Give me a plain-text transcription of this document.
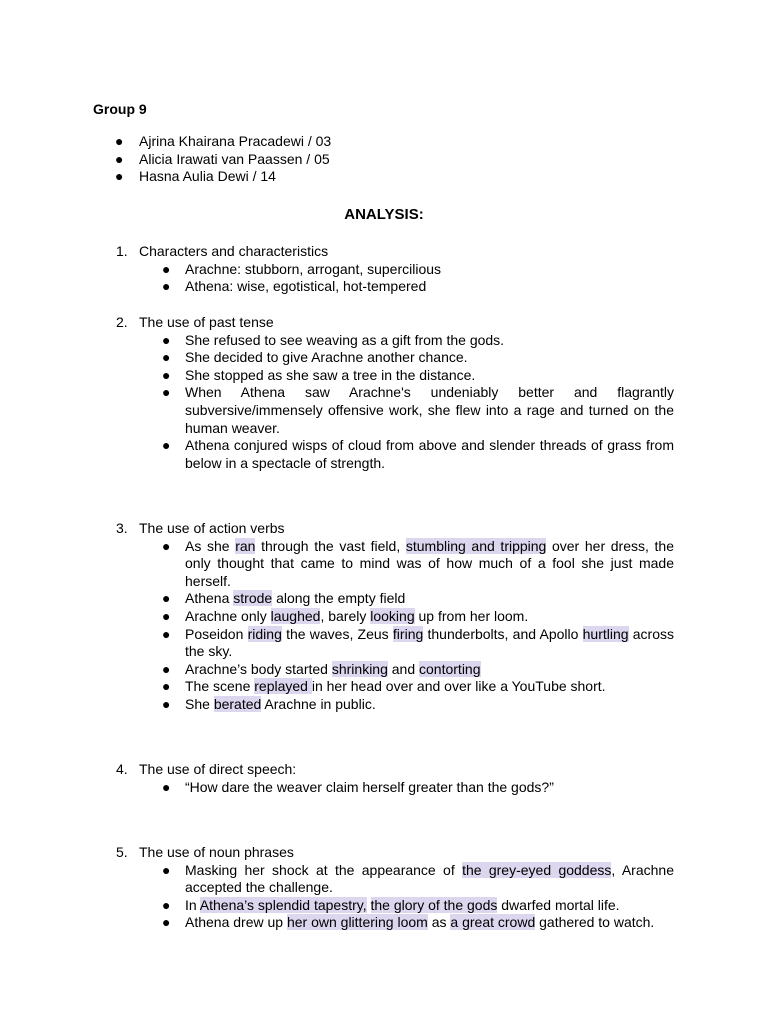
Group 9
● Ajrina Khairana Pracadewi / 03
● Alicia Irawati van Paassen / 05
● Hasna Aulia Dewi / 14
ANALYSIS:
1. Characters and characteristics
● Arachne: stubborn, arrogant, supercilious
● Athena: wise, egotistical, hot-tempered
2. The use of past tense
● She refused to see weaving as a gift from the gods.
● She decided to give Arachne another chance.
● She stopped as she saw a tree in the distance.
● When Athena saw Arachne's undeniably better and flagrantly subversive/immensely offensive work, she flew into a rage and turned on the human weaver.
● Athena conjured wisps of cloud from above and slender threads of grass from below in a spectacle of strength.
3. The use of action verbs
● As she ran through the vast field, stumbling and tripping over her dress, the only thought that came to mind was of how much of a fool she just made herself.
● Athena strode along the empty field
● Arachne only laughed, barely looking up from her loom.
● Poseidon riding the waves, Zeus firing thunderbolts, and Apollo hurtling across the sky.
● Arachne’s body started shrinking and contorting
● The scene replayed in her head over and over like a YouTube short.
● She berated Arachne in public.
4. The use of direct speech:
● “How dare the weaver claim herself greater than the gods?”
5. The use of noun phrases
● Masking her shock at the appearance of the grey-eyed goddess, Arachne accepted the challenge.
● In Athena’s splendid tapestry, the glory of the gods dwarfed mortal life.
● Athena drew up her own glittering loom as a great crowd gathered to watch.
